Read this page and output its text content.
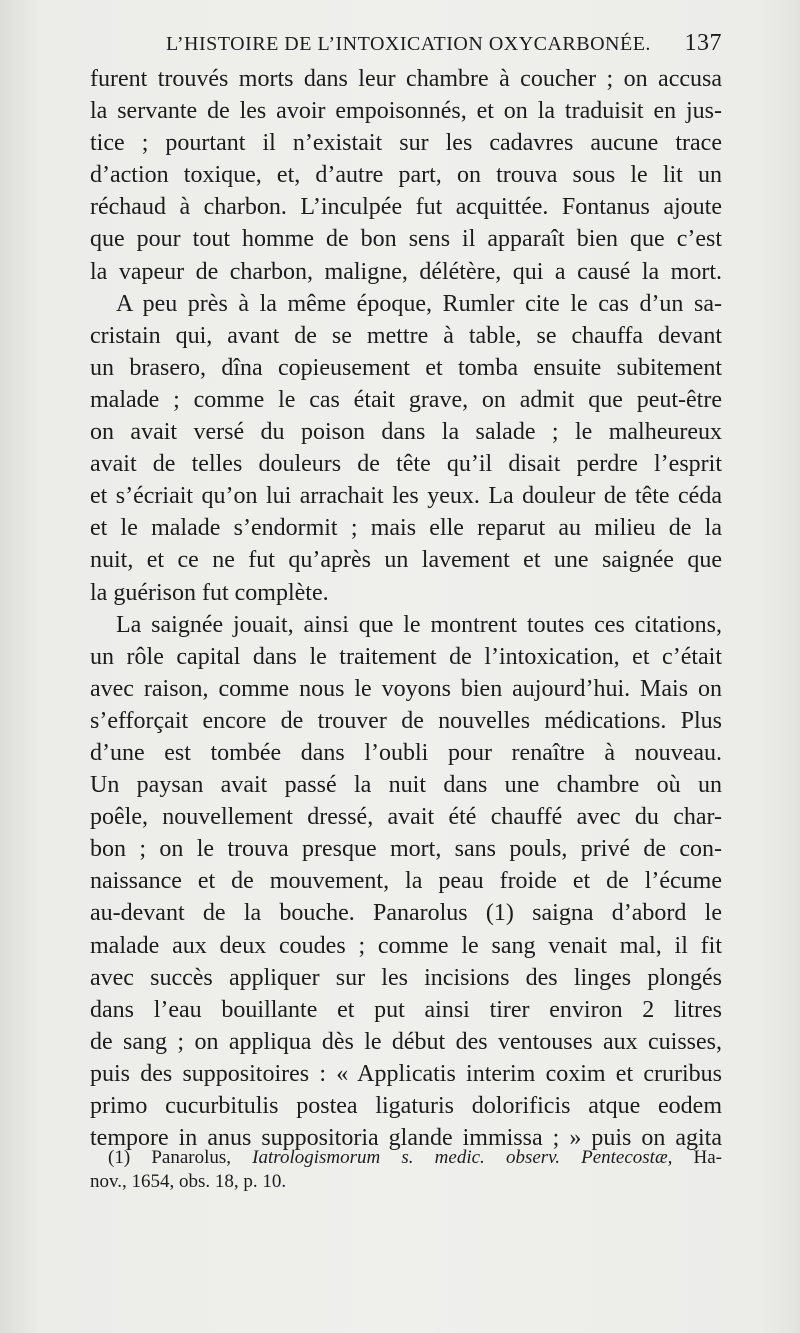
L’HISTOIRE DE L’INTOXICATION OXYCARBONÉE. 137
furent trouvés morts dans leur chambre à coucher ; on accusa
la servante de les avoir empoisonnés, et on la traduisit en jus-
tice ; pourtant il n’existait sur les cadavres aucune trace
d’action toxique, et, d’autre part, on trouva sous le lit un
réchaud à charbon. L’inculpée fut acquittée. Fontanus ajoute
que pour tout homme de bon sens il apparaît bien que c’est
la vapeur de charbon, maligne, délétère, qui a causé la mort.
A peu près à la même époque, Rumler cite le cas d’un sa-
cristain qui, avant de se mettre à table, se chauffa devant
un brasero, dîna copieusement et tomba ensuite subitement
malade ; comme le cas était grave, on admit que peut-être
on avait versé du poison dans la salade ; le malheureux
avait de telles douleurs de tête qu’il disait perdre l’esprit
et s’écriait qu’on lui arrachait les yeux. La douleur de tête céda
et le malade s’endormit ; mais elle reparut au milieu de la
nuit, et ce ne fut qu’après un lavement et une saignée que
la guérison fut complète.
La saignée jouait, ainsi que le montrent toutes ces citations,
un rôle capital dans le traitement de l’intoxication, et c’était
avec raison, comme nous le voyons bien aujourd’hui. Mais on
s’efforçait encore de trouver de nouvelles médications. Plus
d’une est tombée dans l’oubli pour renaître à nouveau.
Un paysan avait passé la nuit dans une chambre où un
poêle, nouvellement dressé, avait été chauffé avec du char-
bon ; on le trouva presque mort, sans pouls, privé de con-
naissance et de mouvement, la peau froide et de l’écume
au-devant de la bouche. Panarolus (1) saigna d’abord le
malade aux deux coudes ; comme le sang venait mal, il fit
avec succès appliquer sur les incisions des linges plongés
dans l’eau bouillante et put ainsi tirer environ 2 litres
de sang ; on appliqua dès le début des ventouses aux cuisses,
puis des suppositoires : « Applicatis interim coxim et cruribus
primo cucurbitulis postea ligaturis dolorificis atque eodem
tempore in anus suppositoria glande immissa ; » puis on agita
(1) Panarolus, Iatrologismorum s. medic. observ. Pentecostæ, Ha-
nov., 1654, obs. 18, p. 10.
